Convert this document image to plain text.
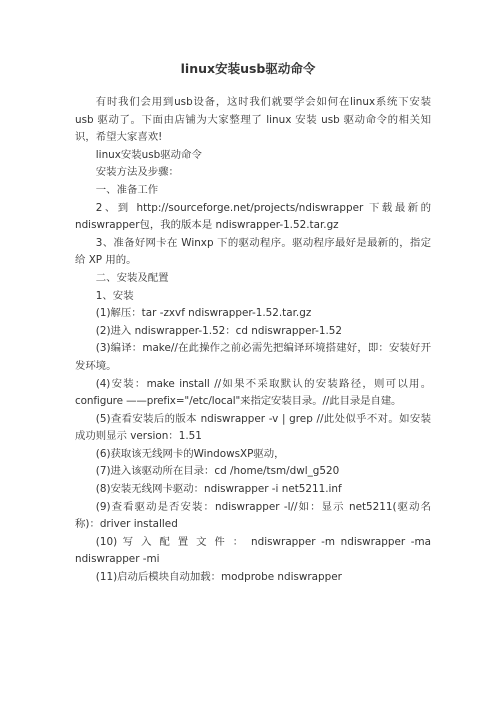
linux安装usb驱动命令

有时我们会用到usb设备，这时我们就要学会如何在linux系统下安装 usb 驱动了。下面由店铺为大家整理了 linux 安装 usb 驱动命令的相关知识，希望大家喜欢!

linux安装usb驱动命令

安装方法及步骤：

一、准备工作

2、到 http://sourceforge.net/projects/ndiswrapper 下载最新的 ndiswrapper包，我的版本是 ndiswrapper-1.52.tar.gz

3、准备好网卡在 Winxp 下的驱动程序。驱动程序最好是最新的，指定给 XP 用的。

二、安装及配置

1、安装

(1)解压：tar -zxvf ndiswrapper-1.52.tar.gz

(2)进入 ndiswrapper-1.52：cd ndiswrapper-1.52

(3)编译：make//在此操作之前必需先把编译环境搭建好，即：安装好开发环境。

(4)安装：make install //如果不采取默认的安装路径，则可以用。configure ——prefix="/etc/local"来指定安装目录。//此目录是自建。

(5)查看安装后的版本 ndiswrapper -v | grep //此处似乎不对。如安装成功则显示 version：1.51

(6)获取该无线网卡的WindowsXP驱动，

(7)进入该驱动所在目录：cd /home/tsm/dwl_g520

(8)安装无线网卡驱动：ndiswrapper -i net5211.inf

(9)查看驱动是否安装：ndiswrapper -l//如：显示 net5211(驱动名称)：driver installed

(10) 写 入 配 置 文 件 ： ndiswrapper -m ndiswrapper -ma ndiswrapper -mi

(11)启动后模块自动加载：modprobe ndiswrapper
